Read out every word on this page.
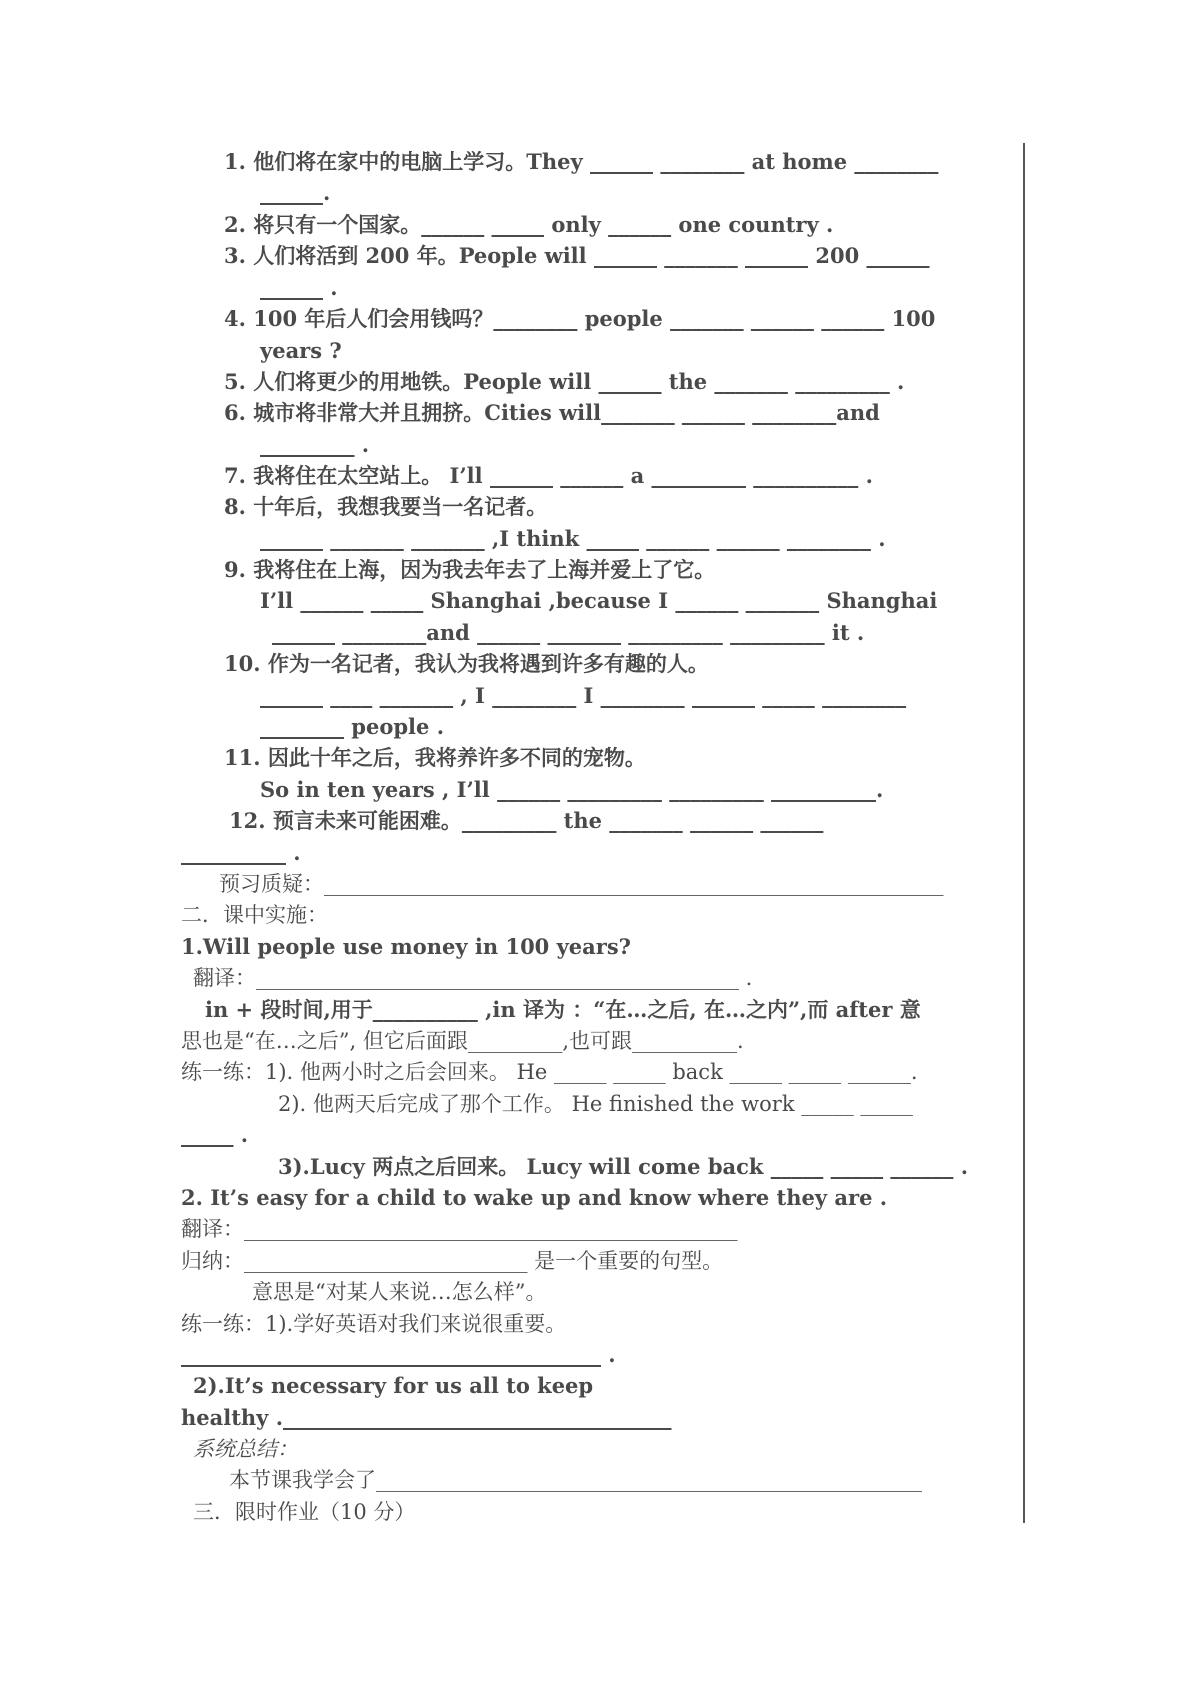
1. 他们将在家中的电脑上学习。They ______ ________ at home ________
______.
2. 将只有一个国家。______ _____ only ______ one country .
3. 人们将活到 200 年。People will ______ _______ ______ 200 ______
______ .
4. 100 年后人们会用钱吗？________ people _______ ______ ______ 100
years ?
5. 人们将更少的用地铁。People will ______ the _______ _________ .
6. 城市将非常大并且拥挤。Cities will_______ ______ ________and
_________ .
7. 我将住在太空站上。 I’ll ______ ______ a _________ __________ .
8. 十年后，我想我要当一名记者。
______ _______ _______ ,I think _____ ______ ______ ________ .
9. 我将住在上海，因为我去年去了上海并爱上了它。
I’ll ______ _____ Shanghai ,because I ______ _______ Shanghai
______ ________and ______ _______ _________ _________ it .
10. 作为一名记者，我认为我将遇到许多有趣的人。
______ ____ _______ , I ________ I ________ ______ _____ ________
________ people .
11. 因此十年之后，我将养许多不同的宠物。
So in ten years , I’ll ______ _________ _________ __________.
12. 预言未来可能困难。_________ the _______ ______ ______
__________ .
预习质疑：___________________________________________________________
二．课中实施：
1.Will people use money in 100 years?
翻译：______________________________________________ .
in + 段时间,用于__________ ,in 译为 ：“在…之后, 在…之内”,而 after 意
思也是“在…之后”, 但它后面跟_________,也可跟__________.
练一练：1). 他两小时之后会回来。 He _____ _____ back _____ _____ ______.
2). 他两天后完成了那个工作。 He finished the work _____ _____
_____ .
3).Lucy 两点之后回来。 Lucy will come back _____ _____ ______ .
2. It’s easy for a child to wake up and know where they are .
翻译：_______________________________________________
归纳：___________________________ 是一个重要的句型。
意思是“对某人来说…怎么样”。
练一练：1).学好英语对我们来说很重要。
________________________________________ .
2).It’s necessary for us all to keep
healthy ._____________________________________
系统总结：
本节课我学会了____________________________________________________
三．限时作业（10 分）
